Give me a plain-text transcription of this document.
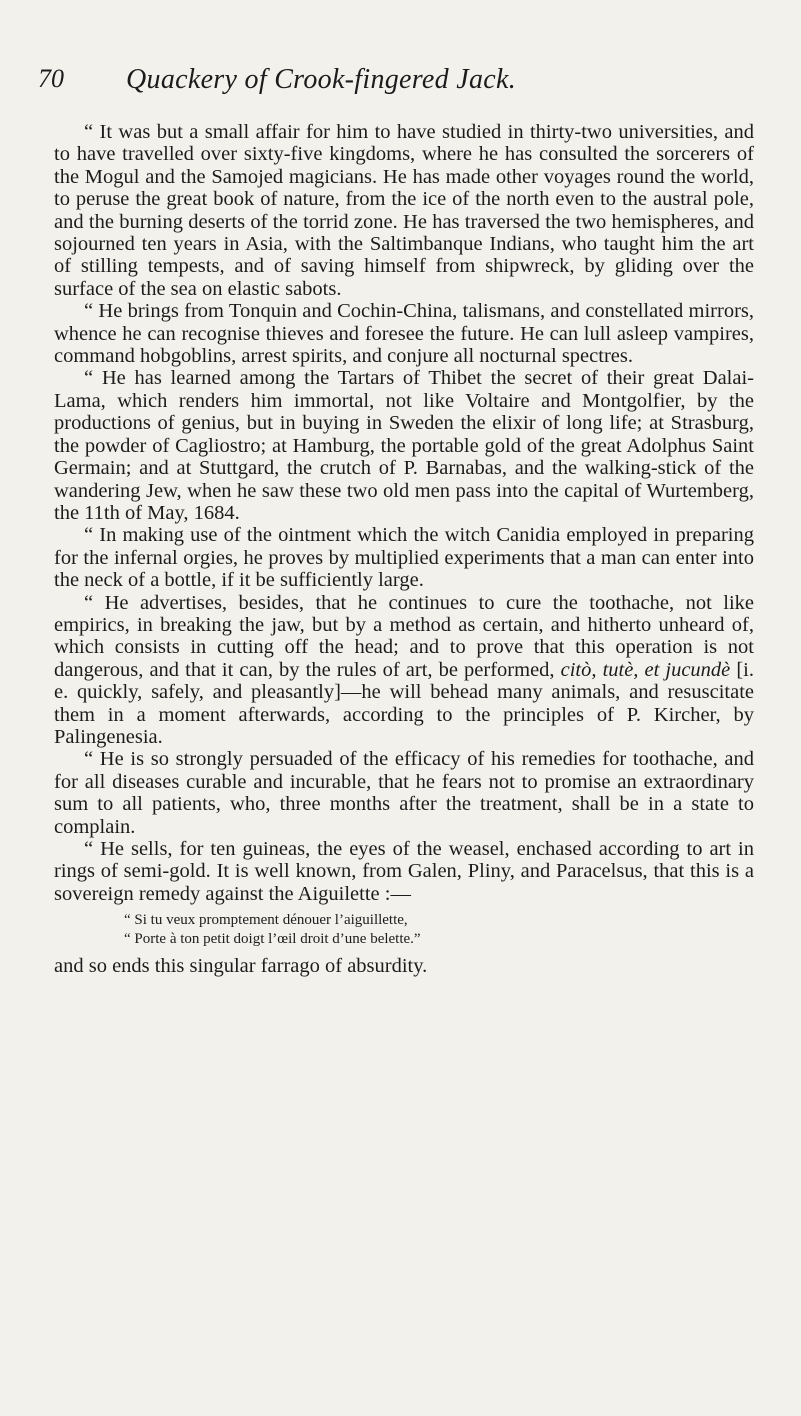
70 Quackery of Crook-fingered Jack.

“ It was but a small affair for him to have studied in thirty-two universities, and to have travelled over sixty-five kingdoms, where he has consulted the sorcerers of the Mogul and the Samojed magicians. He has made other voyages round the world, to peruse the great book of nature, from the ice of the north even to the austral pole, and the burning deserts of the torrid zone. He has traversed the two hemispheres, and sojourned ten years in Asia, with the Saltimbanque Indians, who taught him the art of stilling tempests, and of saving himself from shipwreck, by gliding over the surface of the sea on elastic sabots.

“ He brings from Tonquin and Cochin-China, talismans, and constellated mirrors, whence he can recognise thieves and foresee the future. He can lull asleep vampires, command hobgoblins, arrest spirits, and conjure all nocturnal spectres.

“ He has learned among the Tartars of Thibet the secret of their great Dalai-Lama, which renders him immortal, not like Voltaire and Montgolfier, by the productions of genius, but in buying in Sweden the elixir of long life; at Strasburg, the powder of Cagliostro; at Hamburg, the portable gold of the great Adolphus Saint Germain; and at Stuttgard, the crutch of P. Barnabas, and the walking-stick of the wandering Jew, when he saw these two old men pass into the capital of Wurtemberg, the 11th of May, 1684.

“ In making use of the ointment which the witch Canidia employed in preparing for the infernal orgies, he proves by multiplied experiments that a man can enter into the neck of a bottle, if it be sufficiently large.

“ He advertises, besides, that he continues to cure the toothache, not like empirics, in breaking the jaw, but by a method as certain, and hitherto unheard of, which consists in cutting off the head; and to prove that this operation is not dangerous, and that it can, by the rules of art, be performed, citò, tutè, et jucundè [i. e. quickly, safely, and pleasantly]—he will behead many animals, and resuscitate them in a moment afterwards, according to the principles of P. Kircher, by Palingenesia.

“ He is so strongly persuaded of the efficacy of his remedies for toothache, and for all diseases curable and incurable, that he fears not to promise an extraordinary sum to all patients, who, three months after the treatment, shall be in a state to complain.

“ He sells, for ten guineas, the eyes of the weasel, enchased according to art in rings of semi-gold. It is well known, from Galen, Pliny, and Paracelsus, that this is a sovereign remedy against the Aiguilette :—

“ Si tu veux promptement dénouer l’aiguillette,
“ Porte à ton petit doigt l’œil droit d’une belette.”

and so ends this singular farrago of absurdity.
